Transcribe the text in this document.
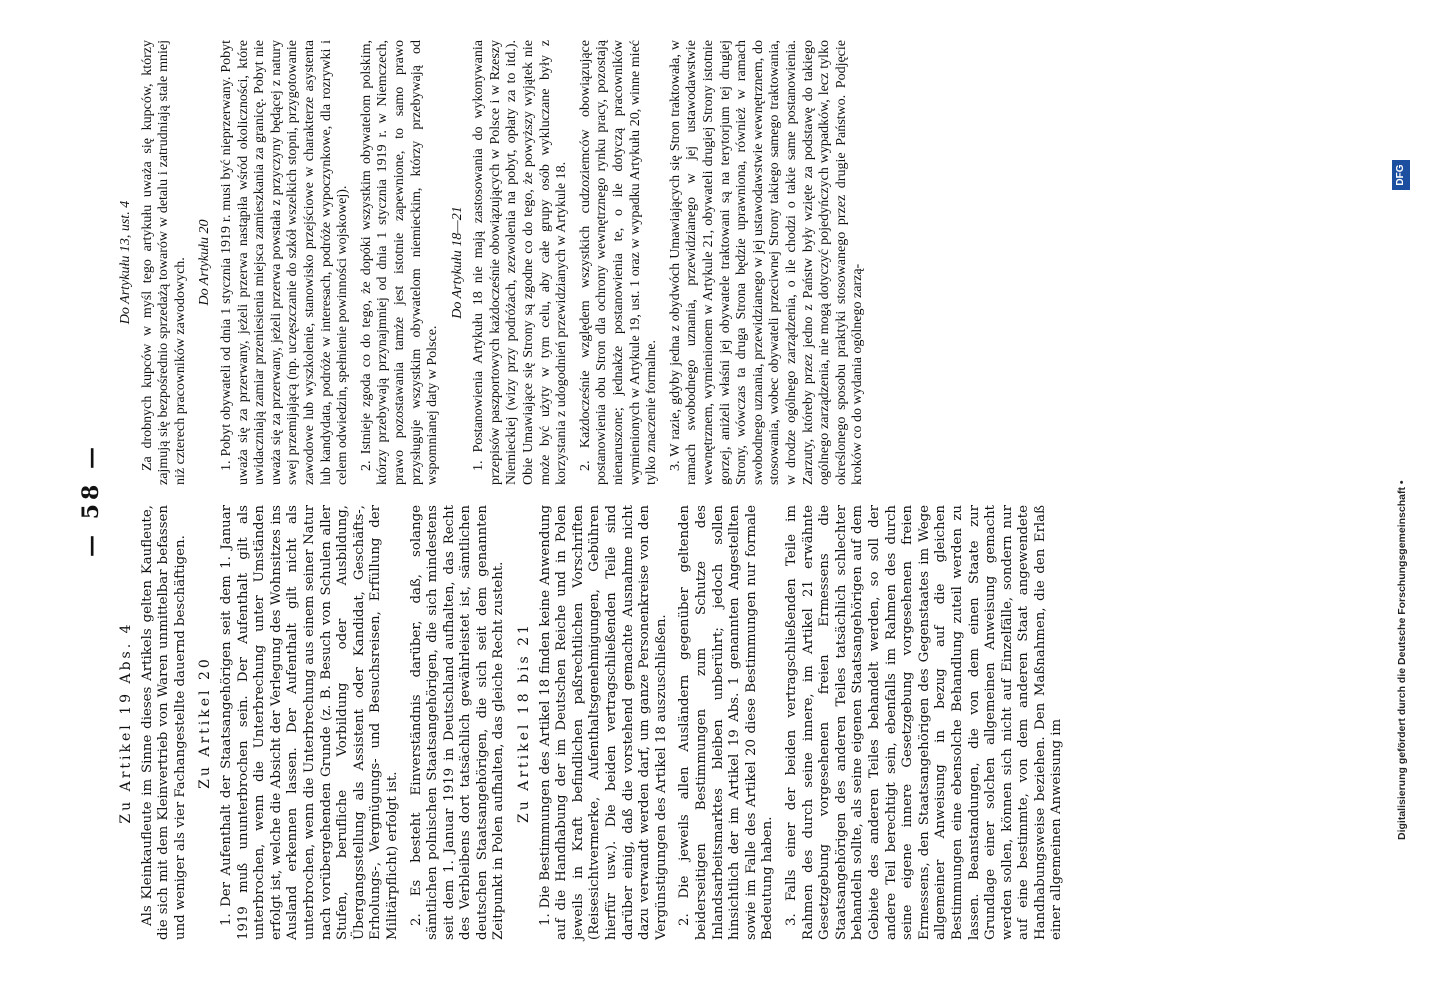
— 58 —
Zu Artikel 19 Abs. 4 Als Kleinkaufleute im Sinne dieses Artikels gelten Kaufleute, die sich mit dem Kleinvertrieb von Waren unmittelbar befassen und weniger als vier Fachangestellte dauernd beschäftigen. Zu Artikel 20 1. Der Aufenthalt der Staatsangehörigen seit dem 1. Januar 1919 muß ununterbrochen sein. Der Aufenthalt gilt als unterbrochen, wenn die Unterbrechung unter Umständen erfolgt ist, welche die Absicht der Verlegung des Wohnsitzes ins Ausland erkennen lassen. Der Aufenthalt gilt nicht als unterbrochen, wenn die Unterbrechung aus einem seiner Natur nach vorübergehenden Grunde (z. B. Besuch von Schulen aller Stufen, berufliche Vorbildung oder Ausbildung, Übergangsstellung als Assistent oder Kandidat, Geschäfts-, Erholungs-, Vergnügungs- und Besuchsreisen, Erfüllung der Militärpflicht) erfolgt ist. 2. Es besteht Einverständnis darüber, daß, solange sämtlichen polnischen Staatsangehörigen, die sich mindestens seit dem 1. Januar 1919 in Deutschland aufhalten, das Recht des Verbleibens dort tatsächlich gewährleistet ist, sämtlichen deutschen Staatsangehörigen, die sich seit dem genannten Zeitpunkt in Polen aufhalten, das gleiche Recht zusteht. Zu Artikel 18 bis 21 1. Die Bestimmungen des Artikel 18 finden keine Anwendung auf die Handhabung der im Deutschen Reiche und in Polen jeweils in Kraft befindlichen paßrechtlichen Vorschriften (Reisesichtvermerke, Aufenthaltsgenehmigungen, Gebühren hierfür usw.). Die beiden vertragschließenden Teile sind darüber einig, daß die vorstehend gemachte Ausnahme nicht dazu verwandt werden darf, um ganze Personenkreise von den Vergünstigungen des Artikel 18 auszuschließen. 2. Die jeweils allen Ausländern gegenüber geltenden beiderseitigen Bestimmungen zum Schutze des Inlandsarbeitsmarktes bleiben unberührt; jedoch sollen hinsichtlich der im Artikel 19 Abs. 1 genannten Angestellten sowie im Falle des Artikel 20 diese Bestimmungen nur formale Bedeutung haben. 3. Falls einer der beiden vertragschließenden Teile im Rahmen des durch seine innere, im Artikel 21 erwähnte Gesetzgebung vorgesehenen freien Ermessens die Staatsangehörigen des anderen Teiles tatsächlich schlechter behandeln sollte, als seine eigenen Staatsangehörigen auf dem Gebiete des anderen Teiles behandelt werden, so soll der andere Teil berechtigt sein, ebenfalls im Rahmen des durch seine eigene innere Gesetzgebung vorgesehenen freien Ermessens, den Staatsangehörigen des Gegenstaates im Wege allgemeiner Anweisung in bezug auf die gleichen Bestimmungen eine ebensolche Behandlung zuteil werden zu lassen. Beanstandungen, die von dem einen Staate zur Grundlage einer solchen allgemeinen Anweisung gemacht werden sollen, können sich nicht auf Einzelfälle, sondern nur auf eine bestimmte, von dem anderen Staat angewendete Handhabungsweise beziehen. Den Maßnahmen, die den Erlaß einer allgemeinen Anweisung im

Do Artykułu 13, ust. 4 Za drobnych kupców w myśl tego artykułu uważa się kupców, którzy zajmują się bezpośrednio sprzedażą towarów w detalu i zatrudniają stale mniej niż czterech pracowników zawodowych. Do Artykułu 20 1. Pobyt obywateli od dnia 1 stycznia 1919 r. musi być nieprzerwany. Pobyt uważa się za przerwany, jeżeli przerwa nastąpiła wśród okoliczności, które uwidaczniają zamiar przeniesienia miejsca zamieszkania za granicę. Pobyt nie uważa się za przerwany, jeżeli przerwa powstała z przyczyny będącej z natury swej przemijającą (np. uczęszczanie do szkół wszelkich stopni, przygotowanie zawodowe lub wyszkolenie, stanowisko przejściowe w charakterze asystenta lub kandydata, podróże w interesach, podróże wypoczynkowe, dla rozrywki i celem odwiedzin, spełnienie powinności wojskowej). 2. Istnieje zgoda co do tego, że dopóki wszystkim obywatelom polskim, którzy przebywają przynajmniej od dnia 1 stycznia 1919 r. w Niemczech, prawo pozostawania tamże jest istotnie zapewnione, to samo prawo przysługuje wszystkim obywatelom niemieckim, którzy przebywają od wspomnianej daty w Polsce.

Do Artykułu 18—21 1. Postanowienia Artykułu 18 nie mają zastosowania do wykonywania przepisów paszportowych każdocześnie obowiązujących w Polsce i w Rzeszy Niemieckiej (wizy przy podróżach, zezwolenia na pobyt, opłaty za to itd.). Obie Umawiające się Strony są zgodne co do tego, że powyższy wyjątek nie może być użyty w tym celu, aby całe grupy osób wykluczane były z korzystania z udogodnień przewidzianych w Artykule 18. 2. Każdocześnie względem wszystkich cudzoziemców obowiązujące postanowienia obu Stron dla ochrony wewnętrznego rynku pracy, pozostają nienaruszone; jednakże postanowienia te, o ile dotyczą pracowników wymienionych w Artykule 19, ust. 1 oraz w wypadku Artykułu 20, winne mieć tylko znaczenie formalne. 3. W razie, gdyby jedna z obydwóch Umawiających się Stron traktowała, w ramach swobodnego uznania, przewidzianego w jej ustawodawstwie wewnętrznem, wymienionem w Artykule 21, obywateli drugiej Strony istotnie gorzej, aniżeli właśni jej obywatele traktowani są na terytorjum tej drugiej Strony, wówczas ta druga Strona będzie uprawniona, również w ramach swobodnego uznania, przewidzianego w jej ustawodawstwie wewnętrznem, do stosowania, wobec obywateli przeciwnej Strony takiego samego traktowania, w drodze ogólnego zarządzenia, o ile chodzi o takie same postanowienia. Zarzuty, któreby przez jedno z Państw były wzięte za podstawę do takiego ogólnego zarządzenia, nie mogą dotyczyć pojedyńczych wypadków, lecz tylko określonego sposobu praktyki stosowanego przez drugie Państwo. Podjęcie kroków co do wydania ogólnego zarzą-

Digitalisierung gefördert durch die Deutsche Forschungsgemeinschaft •
DFG
